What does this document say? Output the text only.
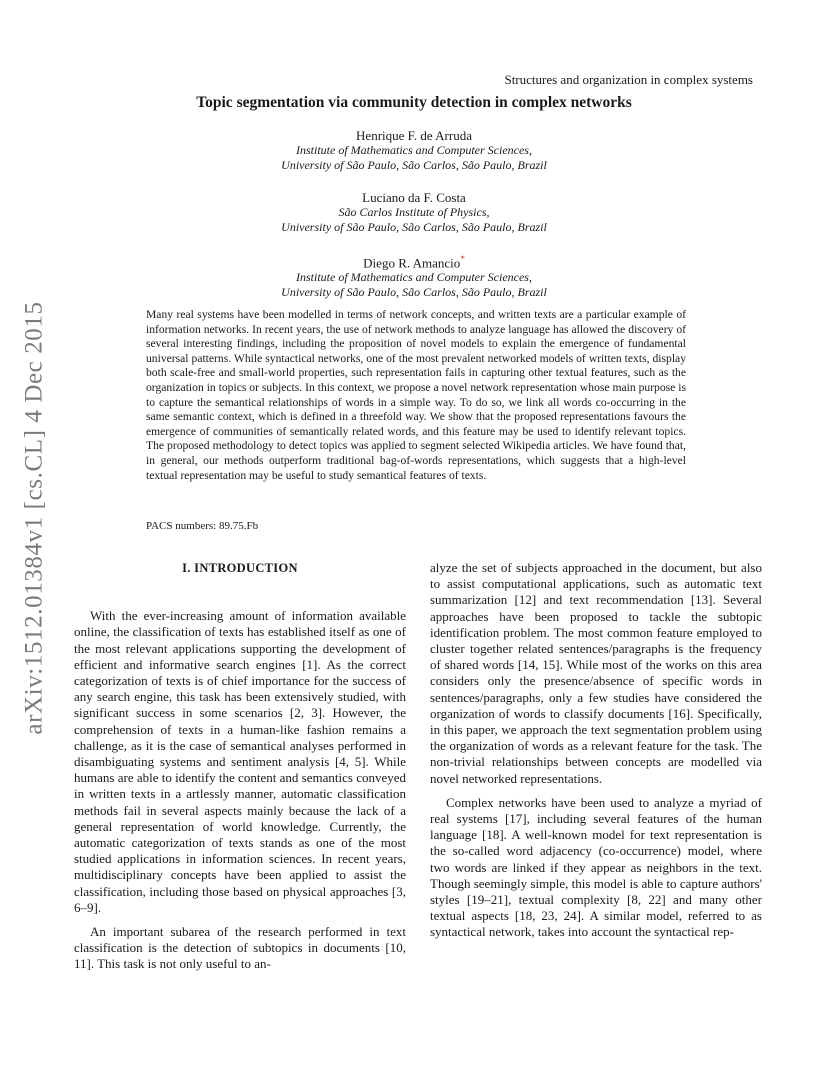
arXiv:1512.01384v1 [cs.CL] 4 Dec 2015
Structures and organization in complex systems
Topic segmentation via community detection in complex networks
Henrique F. de Arruda
Institute of Mathematics and Computer Sciences,
University of São Paulo, São Carlos, São Paulo, Brazil
Luciano da F. Costa
São Carlos Institute of Physics,
University of São Paulo, São Carlos, São Paulo, Brazil
Diego R. Amancio*
Institute of Mathematics and Computer Sciences,
University of São Paulo, São Carlos, São Paulo, Brazil
Many real systems have been modelled in terms of network concepts, and written texts are a particular example of information networks. In recent years, the use of network methods to analyze language has allowed the discovery of several interesting findings, including the proposition of novel models to explain the emergence of fundamental universal patterns. While syntactical networks, one of the most prevalent networked models of written texts, display both scale-free and small-world properties, such representation fails in capturing other textual features, such as the organization in topics or subjects. In this context, we propose a novel network representation whose main purpose is to capture the semantical relationships of words in a simple way. To do so, we link all words co-occurring in the same semantic context, which is defined in a threefold way. We show that the proposed representations favours the emergence of communities of semantically related words, and this feature may be used to identify relevant topics. The proposed methodology to detect topics was applied to segment selected Wikipedia articles. We have found that, in general, our methods outperform traditional bag-of-words representations, which suggests that a high-level textual representation may be useful to study semantical features of texts.
PACS numbers: 89.75.Fb
I. INTRODUCTION

With the ever-increasing amount of information available online, the classification of texts has established itself as one of the most relevant applications supporting the development of efficient and informative search engines [1]. As the correct categorization of texts is of chief importance for the success of any search engine, this task has been extensively studied, with significant success in some scenarios [2, 3]. However, the comprehension of texts in a human-like fashion remains a challenge, as it is the case of semantical analyses performed in disambiguating systems and sentiment analysis [4, 5]. While humans are able to identify the content and semantics conveyed in written texts in a artlessly manner, automatic classification methods fail in several aspects mainly because the lack of a general representation of world knowledge. Currently, the automatic categorization of texts stands as one of the most studied applications in information sciences. In recent years, multidisciplinary concepts have been applied to assist the classification, including those based on physical approaches [3, 6–9].

An important subarea of the research performed in text classification is the detection of subtopics in documents [10, 11]. This task is not only useful to an-

alyze the set of subjects approached in the document, but also to assist computational applications, such as automatic text summarization [12] and text recommendation [13]. Several approaches have been proposed to tackle the subtopic identification problem. The most common feature employed to cluster together related sentences/paragraphs is the frequency of shared words [14, 15]. While most of the works on this area considers only the presence/absence of specific words in sentences/paragraphs, only a few studies have considered the organization of words to classify documents [16]. Specifically, in this paper, we approach the text segmentation problem using the organization of words as a relevant feature for the task. The non-trivial relationships between concepts are modelled via novel networked representations.

Complex networks have been used to analyze a myriad of real systems [17], including several features of the human language [18]. A well-known model for text representation is the so-called word adjacency (co-occurrence) model, where two words are linked if they appear as neighbors in the text. Though seemingly simple, this model is able to capture authors' styles [19–21], textual complexity [8, 22] and many other textual aspects [18, 23, 24]. A similar model, referred to as syntactical network, takes into account the syntactical rep-
